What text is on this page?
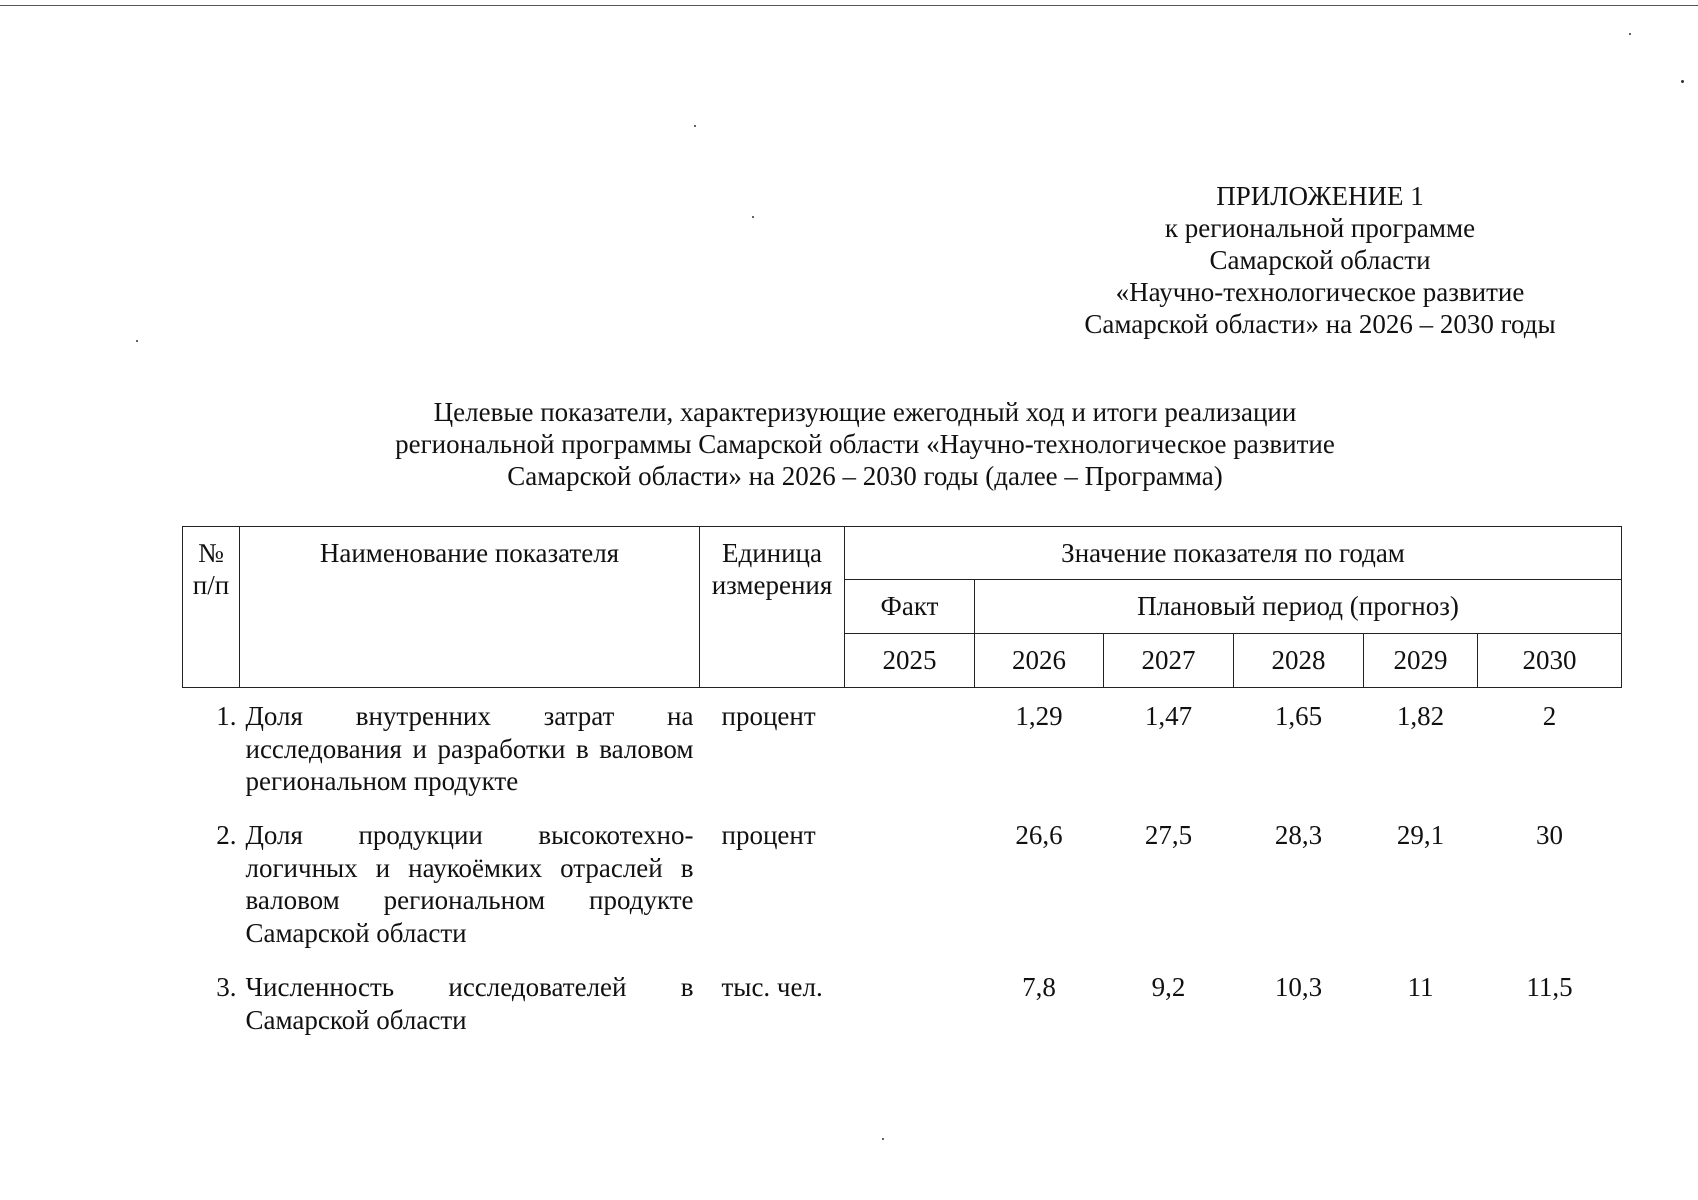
ПРИЛОЖЕНИЕ 1
к региональной программе
Самарской области
«Научно-технологическое развитие
Самарской области» на 2026 – 2030 годы
Целевые показатели, характеризующие ежегодный ход и итоги реализации
региональной программы Самарской области «Научно-технологическое развитие
Самарской области» на 2026 – 2030 годы (далее – Программа)
№ п/п	Наименование показателя	Единица измерения	Значение показателя по годам					
			Факт	Плановый период (прогноз)				
			2025	2026	2027	2028	2029	2030
1.	Доля внутренних затрат на исследования и разработки в валовом региональном продукте	процент		1,29	1,47	1,65	1,82	2
2.	Доля продукции высокотехно-логичных и наукоёмких отраслей в валовом региональном продукте Самарской области	процент		26,6	27,5	28,3	29,1	30
3.	Численность исследователей в Самарской области	тыс. чел.		7,8	9,2	10,3	11	11,5
